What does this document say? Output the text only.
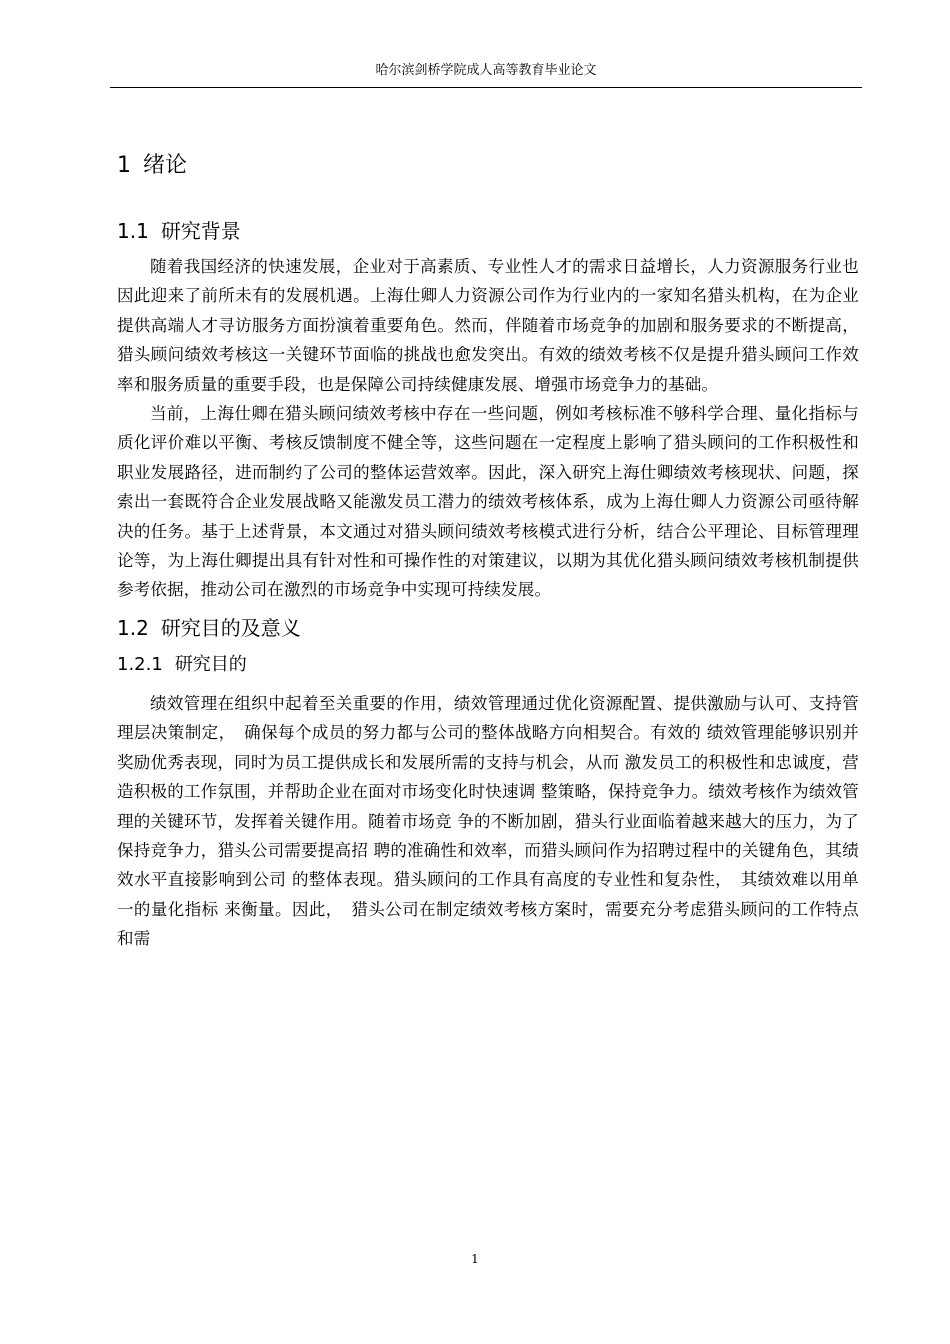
哈尔滨剑桥学院成人高等教育毕业论文
1 绪论
1.1 研究背景

随着我国经济的快速发展，企业对于高素质、专业性人才的需求日益增长，人力资源服务行业也因此迎来了前所未有的发展机遇。上海仕卿人力资源公司作为行业内的一家知名猎头机构，在为企业提供高端人才寻访服务方面扮演着重要角色。然而，伴随着市场竞争的加剧和服务要求的不断提高，猎头顾问绩效考核这一关键环节面临的挑战也愈发突出。有效的绩效考核不仅是提升猎头顾问工作效率和服务质量的重要手段，也是保障公司持续健康发展、增强市场竞争力的基础。

当前，上海仕卿在猎头顾问绩效考核中存在一些问题，例如考核标准不够科学合理、量化指标与质化评价难以平衡、考核反馈制度不健全等，这些问题在一定程度上影响了猎头顾问的工作积极性和职业发展路径，进而制约了公司的整体运营效率。因此，深入研究上海仕卿绩效考核现状、问题，探索出一套既符合企业发展战略又能激发员工潜力的绩效考核体系，成为上海仕卿人力资源公司亟待解决的任务。基于上述背景，本文通过对猎头顾问绩效考核模式进行分析，结合公平理论、目标管理理论等，为上海仕卿提出具有针对性和可操作性的对策建议，以期为其优化猎头顾问绩效考核机制提供参考依据，推动公司在激烈的市场竞争中实现可持续发展。

1.2 研究目的及意义
1.2.1 研究目的

绩效管理在组织中起着至关重要的作用，绩效管理通过优化资源配置、提供激励与认可、支持管理层决策制定，　确保每个成员的努力都与公司的整体战略方向相契合。有效的 绩效管理能够识别并奖励优秀表现，同时为员工提供成长和发展所需的支持与机会，从而 激发员工的积极性和忠诚度，营造积极的工作氛围，并帮助企业在面对市场变化时快速调 整策略，保持竞争力。绩效考核作为绩效管理的关键环节，发挥着关键作用。随着市场竞 争的不断加剧，猎头行业面临着越来越大的压力，为了保持竞争力，猎头公司需要提高招 聘的准确性和效率，而猎头顾问作为招聘过程中的关键角色，其绩效水平直接影响到公司 的整体表现。猎头顾问的工作具有高度的专业性和复杂性，　其绩效难以用单一的量化指标 来衡量。因此，　猎头公司在制定绩效考核方案时，需要充分考虑猎头顾问的工作特点和需

1
